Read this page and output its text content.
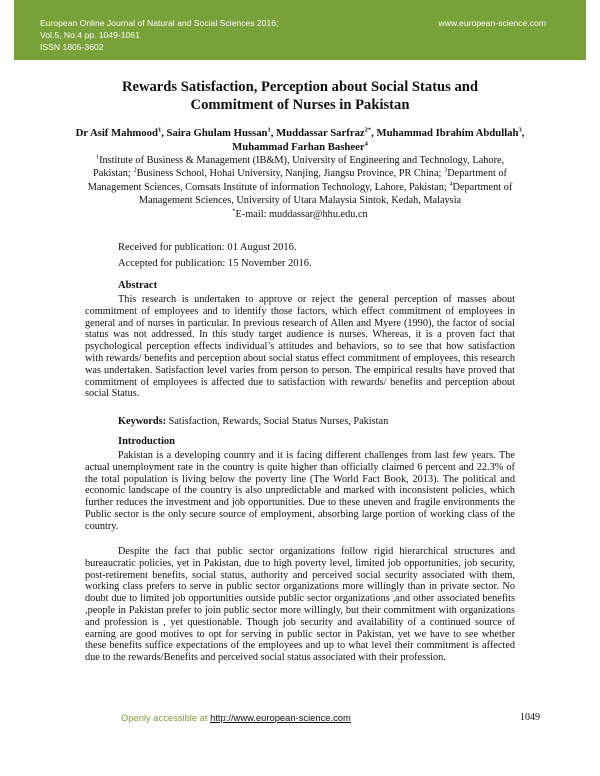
European Online Journal of Natural and Social Sciences 2016;
Vol.5, No.4 pp. 1049-1061
ISSN 1805-3602
www.european-science.com
Rewards Satisfaction, Perception about Social Status and
Commitment of Nurses in Pakistan
Dr Asif Mahmood$^1$, Saira Ghulam Hussan$^1$, Muddassar Sarfraz$^{2*}$, Muhammad Ibrahim Abdullah$^3$, Muhammad Farhan Basheer$^4$
$^1$Institute of Business & Management (IB&M), University of Engineering and Technology, Lahore, Pakistan; $^2$Business School, Hohai University, Nanjing, Jiangsu Province, PR China; $^3$Department of Management Sciences, Comsats Institute of information Technology, Lahore, Pakistan; $^4$Department of Management Sciences, University of Utara Malaysia Sintok, Kedah, Malaysia
*E-mail: muddassar@hhu.edu.cn
Received for publication: 01 August 2016.
Accepted for publication: 15 November 2016.
Abstract
This research is undertaken to approve or reject the general perception of masses about commitment of employees and to identify those factors, which effect commitment of employees in general and of nurses in particular. In previous research of Allen and Myere (1990), the factor of social status was not addressed. In this study target audience is nurses. Whereas, it is a proven fact that psychological perception effects individual’s attitudes and behaviors, so to see that how satisfaction with rewards/ benefits and perception about social status effect commitment of employees, this research was undertaken. Satisfaction level varies from person to person. The empirical results have proved that commitment of employees is affected due to satisfaction with rewards/ benefits and perception about social Status.
Keywords: Satisfaction, Rewards, Social Status Nurses, Pakistan
Introduction
Pakistan is a developing country and it is facing different challenges from last few years. The actual unemployment rate in the country is quite higher than officially claimed 6 percent and 22.3% of the total population is living below the poverty line (The World Fact Book, 2013). The political and economic landscape of the country is also unpredictable and marked with inconsistent policies, which further reduces the investment and job opportunities. Due to these uneven and fragile environments the Public sector is the only secure source of employment, absorbing large portion of working class of the country.
Despite the fact that public sector organizations follow rigid hierarchical structures and bureaucratic policies, yet in Pakistan, due to high poverty level, limited job opportunities, job security, post-retirement benefits, social status, authority and perceived social security associated with them, working class prefers to serve in public sector organizations more willingly than in private sector. No doubt due to limited job opportunities outside public sector organizations ,and other associated benefits ,people in Pakistan prefer to join public sector more willingly, but their commitment with organizations and profession is , yet questionable. Though job security and availability of a continued source of earning are good motives to opt for serving in public sector in Pakistan, yet we have to see whether these benefits suffice expectations of the employees and up to what level their commitment is affected due to the rewards/Benefits and perceived social status associated with their profession.
Openly accessible at http://www.european-science.com	1049
